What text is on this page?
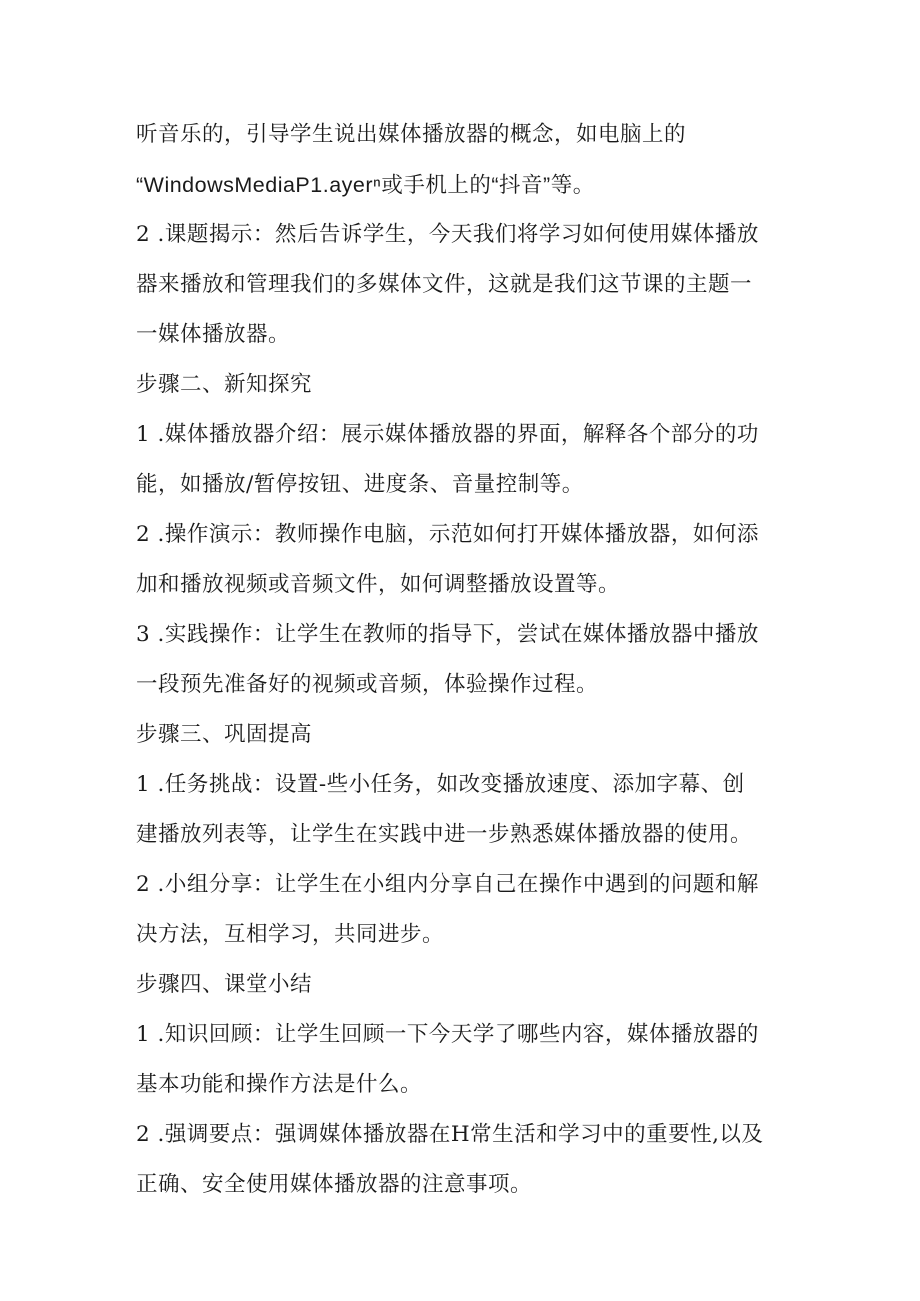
听音乐的，引导学生说出媒体播放器的概念，如电脑上的
“WindowsMediaP1.ayerⁿ或手机上的“抖音”等。
2 .课题揭示：然后告诉学生，今天我们将学习如何使用媒体播放
器来播放和管理我们的多媒体文件，这就是我们这节课的主题一
一媒体播放器。
步骤二、新知探究
1 .媒体播放器介绍：展示媒体播放器的界面，解释各个部分的功
能，如播放/暂停按钮、进度条、音量控制等。
2 .操作演示：教师操作电脑，示范如何打开媒体播放器，如何添
加和播放视频或音频文件，如何调整播放设置等。
3 .实践操作：让学生在教师的指导下，尝试在媒体播放器中播放
一段预先准备好的视频或音频，体验操作过程。
步骤三、巩固提高
1 .任务挑战：设置-些小任务，如改变播放速度、添加字幕、创
建播放列表等，让学生在实践中进一步熟悉媒体播放器的使用。
2 .小组分享：让学生在小组内分享自己在操作中遇到的问题和解
决方法，互相学习，共同进步。
步骤四、课堂小结
1 .知识回顾：让学生回顾一下今天学了哪些内容，媒体播放器的
基本功能和操作方法是什么。
2 .强调要点：强调媒体播放器在H常生活和学习中的重要性,以及
正确、安全使用媒体播放器的注意事项。
